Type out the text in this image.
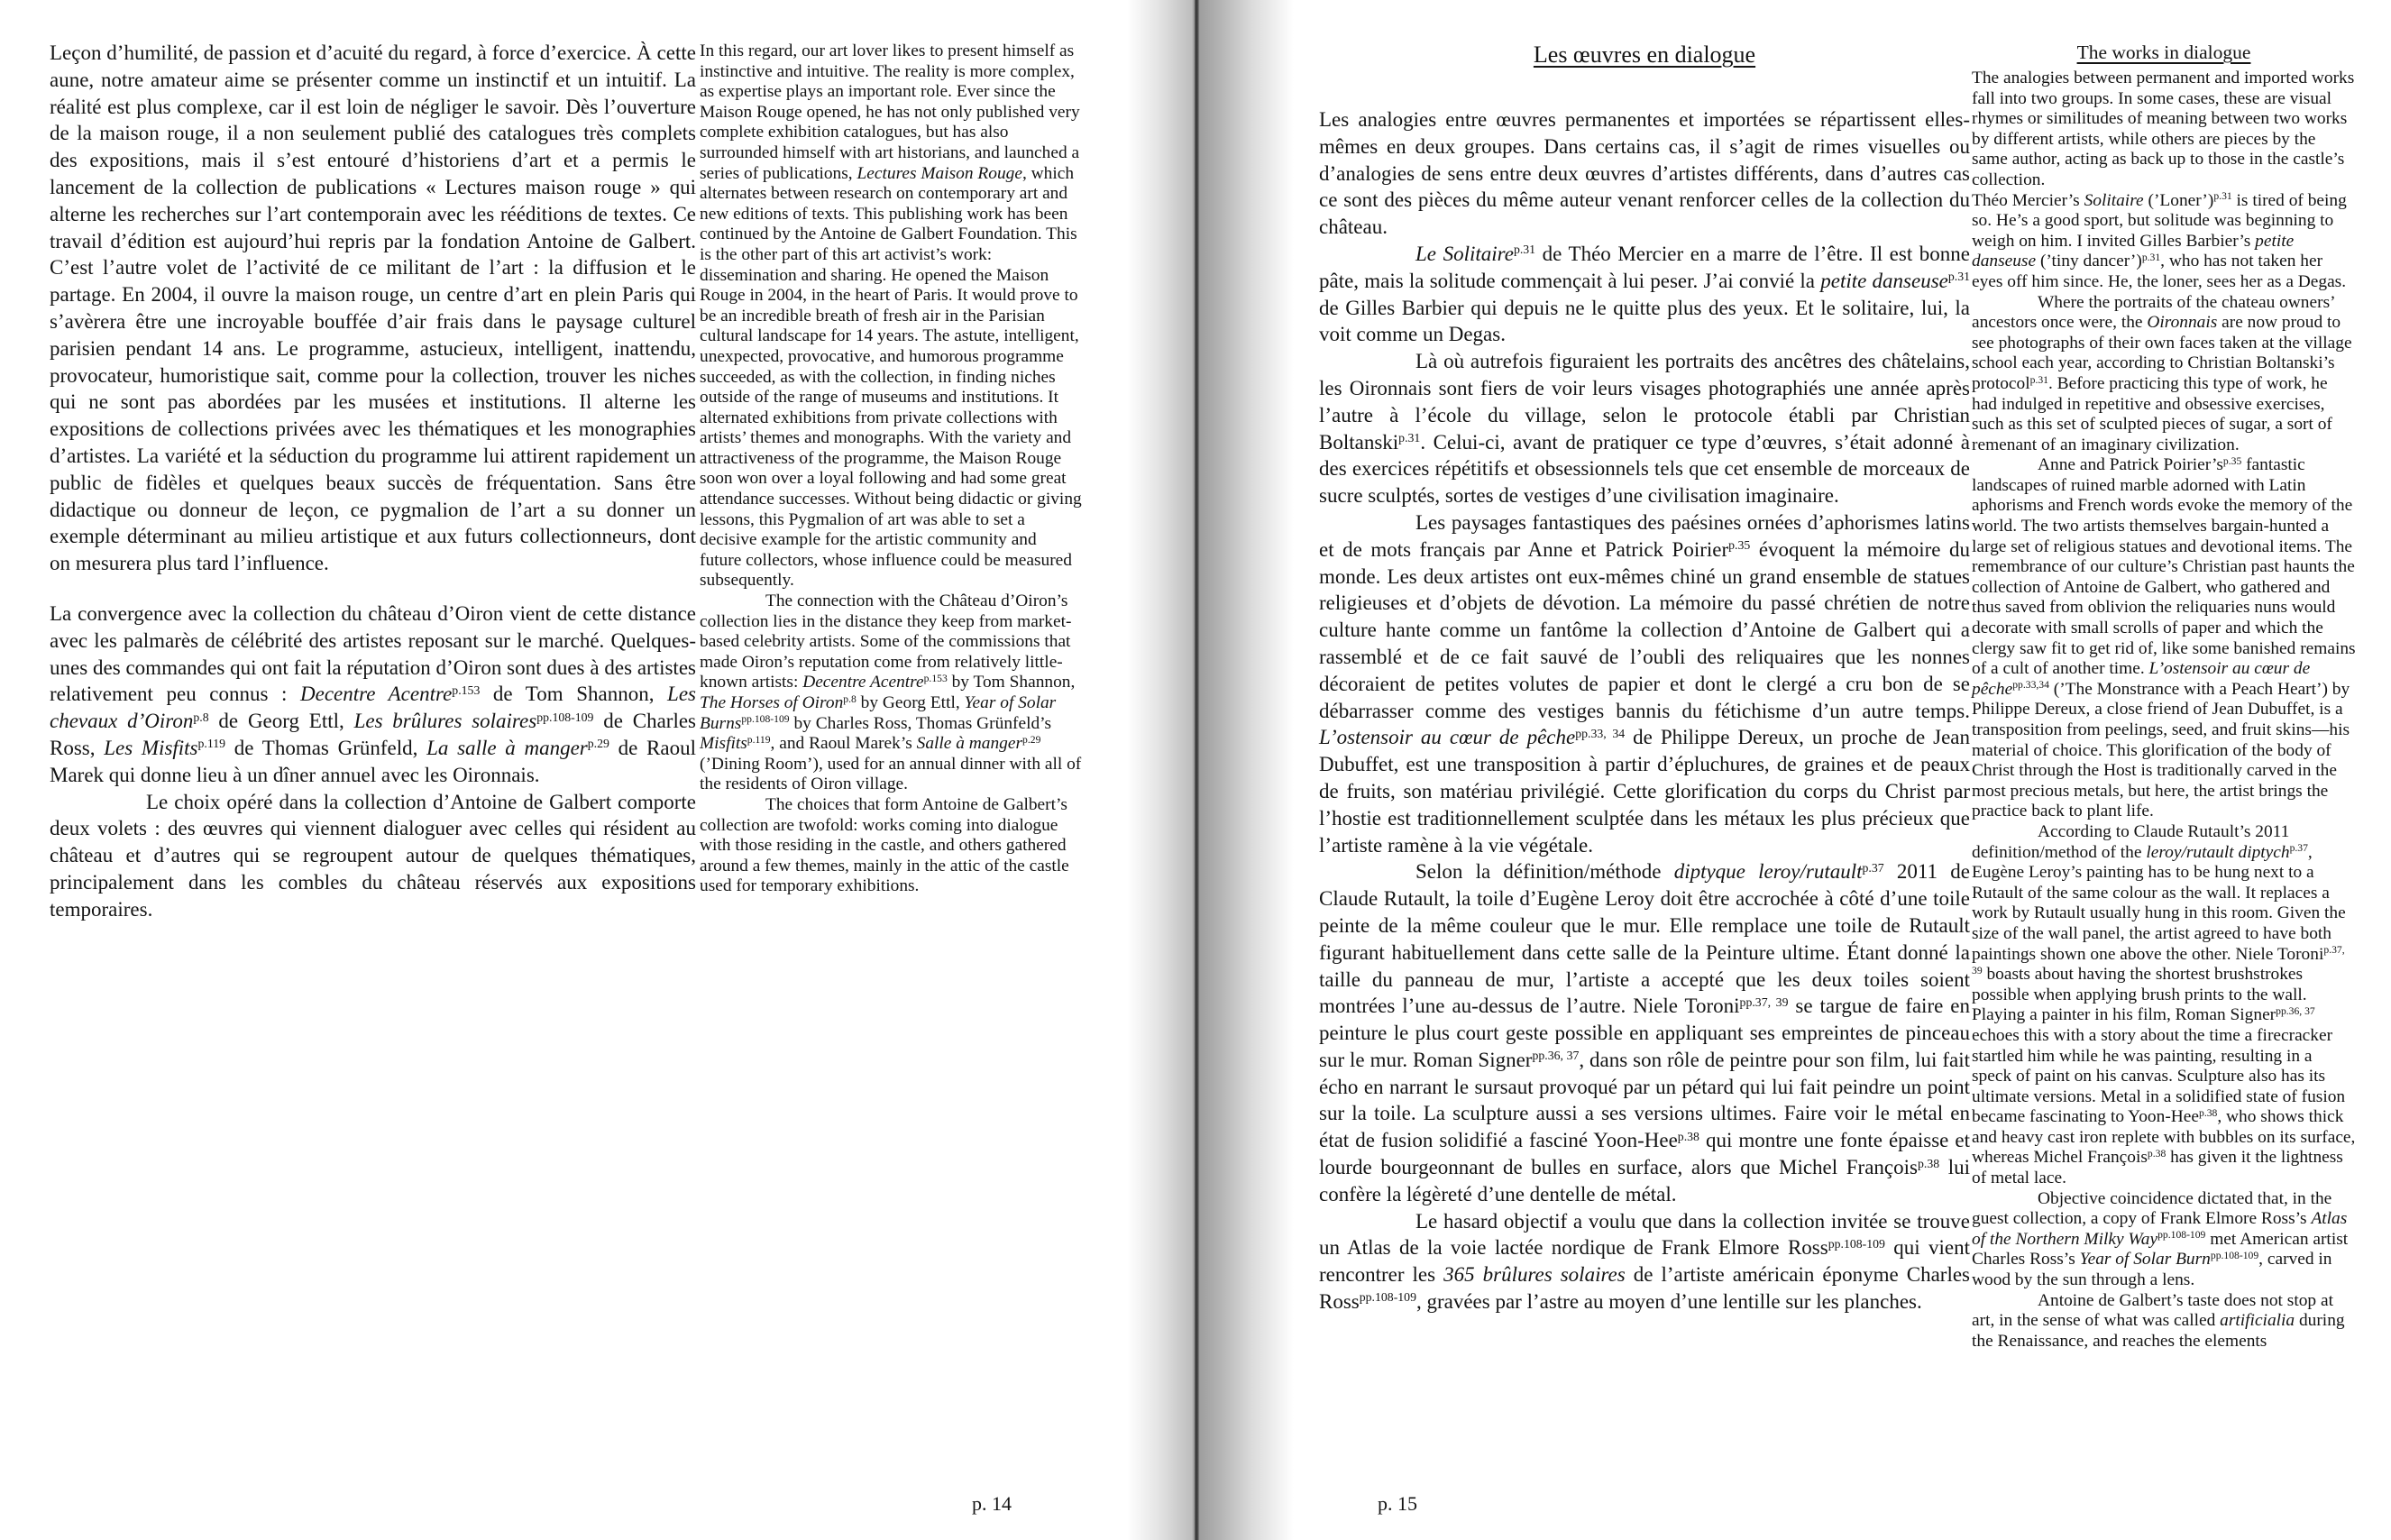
Leçon d’humilité, de passion et d’acuité du regard, à force d’exercice. À cette aune, notre amateur aime se présenter comme un instinctif et un intuitif. La réalité est plus complexe, car il est loin de négliger le savoir. Dès l’ouverture de la maison rouge, il a non seulement publié des catalogues très complets des expositions, mais il s’est entouré d’historiens d’art et a permis le lancement de la collection de publications « Lectures maison rouge » qui alterne les recherches sur l’art contemporain avec les rééditions de textes. Ce travail d’édition est aujourd’hui repris par la fondation Antoine de Galbert. C’est l’autre volet de l’activité de ce militant de l’art : la diffusion et le partage. En 2004, il ouvre la maison rouge, un centre d’art en plein Paris qui s’avèrera être une incroyable bouffée d’air frais dans le paysage culturel parisien pendant 14 ans. Le programme, astucieux, intelligent, inattendu, provocateur, humoristique sait, comme pour la collection, trouver les niches qui ne sont pas abordées par les musées et institutions. Il alterne les expositions de collections privées avec les thématiques et les monographies d’artistes. La variété et la séduction du programme lui attirent rapidement un public de fidèles et quelques beaux succès de fréquentation. Sans être didactique ou donneur de leçon, ce pygmalion de l’art a su donner un exemple déterminant au milieu artistique et aux futurs collectionneurs, dont on mesurera plus tard l’influence.

La convergence avec la collection du château d’Oiron vient de cette distance avec les palmarès de célébrité des artistes reposant sur le marché. Quelques-unes des commandes qui ont fait la réputation d’Oiron sont dues à des artistes relativement peu connus : Decentre Acentre$^{p.153}$ de Tom Shannon, Les chevaux d’Oiron$^{p.8}$ de Georg Ettl, Les brûlures solaires$^{pp.108-109}$ de Charles Ross, Les Misfits$^{p.119}$ de Thomas Grünfeld, La salle à manger$^{p.29}$ de Raoul Marek qui donne lieu à un dîner annuel avec les Oironnais.

Le choix opéré dans la collection d’Antoine de Galbert comporte deux volets : des œuvres qui viennent dialoguer avec celles qui résident au château et d’autres qui se regroupent autour de quelques thématiques, principalement dans les combles du château réservés aux expositions temporaires.

In this regard, our art lover likes to present himself as instinctive and intuitive. The reality is more complex, as expertise plays an important role. Ever since the Maison Rouge opened, he has not only published very complete exhibition catalogues, but has also surrounded himself with art historians, and launched a series of publications, Lectures Maison Rouge, which alternates between research on contemporary art and new editions of texts. This publishing work has been continued by the Antoine de Galbert Foundation. This is the other part of this art activist’s work: dissemination and sharing. He opened the Maison Rouge in 2004, in the heart of Paris. It would prove to be an incredible breath of fresh air in the Parisian cultural landscape for 14 years. The astute, intelligent, unexpected, provocative, and humorous programme succeeded, as with the collection, in finding niches outside of the range of museums and institutions. It alternated exhibitions from private collections with artists’ themes and monographs. With the variety and attractiveness of the programme, the Maison Rouge soon won over a loyal following and had some great attendance successes. Without being didactic or giving lessons, this Pygmalion of art was able to set a decisive example for the artistic community and future collectors, whose influence could be measured subsequently.

The connection with the Château d’Oiron’s collection lies in the distance they keep from market-based celebrity artists. Some of the commissions that made Oiron’s reputation come from relatively little-known artists: Decentre Acentre$^{p.153}$ by Tom Shannon, The Horses of Oiron$^{p.8}$ by Georg Ettl, Year of Solar Burns$^{pp.108-109}$ by Charles Ross, Thomas Grünfeld’s Misfits$^{p.119}$, and Raoul Marek’s Salle à manger$^{p.29}$ (’Dining Room’), used for an annual dinner with all of the residents of Oiron village.

The choices that form Antoine de Galbert’s collection are twofold: works coming into dialogue with those residing in the castle, and others gathered around a few themes, mainly in the attic of the castle used for temporary exhibitions.

p. 14
Les œuvres en dialogue

Les analogies entre œuvres permanentes et importées se répartissent elles-mêmes en deux groupes. Dans certains cas, il s’agit de rimes visuelles ou d’analogies de sens entre deux œuvres d’artistes différents, dans d’autres cas ce sont des pièces du même auteur venant renforcer celles de la collection du château.

Le Solitaire$^{p.31}$ de Théo Mercier en a marre de l’être. Il est bonne pâte, mais la solitude commençait à lui peser. J’ai convié la petite danseuse$^{p.31}$ de Gilles Barbier qui depuis ne le quitte plus des yeux. Et le solitaire, lui, la voit comme un Degas.

Là où autrefois figuraient les portraits des ancêtres des châtelains, les Oironnais sont fiers de voir leurs visages photographiés une année après l’autre à l’école du village, selon le protocole établi par Christian Boltanski$^{p.31}$. Celui-ci, avant de pratiquer ce type d’œuvres, s’était adonné à des exercices répétitifs et obsessionnels tels que cet ensemble de morceaux de sucre sculptés, sortes de vestiges d’une civilisation imaginaire.

Les paysages fantastiques des paésines ornées d’aphorismes latins et de mots français par Anne et Patrick Poirier$^{p.35}$ évoquent la mémoire du monde. Les deux artistes ont eux-mêmes chiné un grand ensemble de statues religieuses et d’objets de dévotion. La mémoire du passé chrétien de notre culture hante comme un fantôme la collection d’Antoine de Galbert qui a rassemblé et de ce fait sauvé de l’oubli des reliquaires que les nonnes décoraient de petites volutes de papier et dont le clergé a cru bon de se débarrasser comme des vestiges bannis du fétichisme d’un autre temps. L’ostensoir au cœur de pêche$^{pp.33, 34}$ de Philippe Dereux, un proche de Jean Dubuffet, est une transposition à partir d’épluchures, de graines et de peaux de fruits, son matériau privilégié. Cette glorification du corps du Christ par l’hostie est traditionnellement sculptée dans les métaux les plus précieux que l’artiste ramène à la vie végétale.

Selon la définition/méthode diptyque leroy/rutault$^{p.37}$ 2011 de Claude Rutault, la toile d’Eugène Leroy doit être accrochée à côté d’une toile peinte de la même couleur que le mur. Elle remplace une toile de Rutault figurant habituellement dans cette salle de la Peinture ultime. Étant donné la taille du panneau de mur, l’artiste a accepté que les deux toiles soient montrées l’une au-dessus de l’autre. Niele Toroni$^{pp.37, 39}$ se targue de faire en peinture le plus court geste possible en appliquant ses empreintes de pinceau sur le mur. Roman Signer$^{pp.36, 37}$, dans son rôle de peintre pour son film, lui fait écho en narrant le sursaut provoqué par un pétard qui lui fait peindre un point sur la toile. La sculpture aussi a ses versions ultimes. Faire voir le métal en état de fusion solidifié a fasciné Yoon-Hee$^{p.38}$ qui montre une fonte épaisse et lourde bourgeonnant de bulles en surface, alors que Michel François$^{p.38}$ lui confère la légèreté d’une dentelle de métal.

Le hasard objectif a voulu que dans la collection invitée se trouve un Atlas de la voie lactée nordique de Frank Elmore Ross$^{pp.108-109}$ qui vient rencontrer les 365 brûlures solaires de l’artiste américain éponyme Charles Ross$^{pp.108-109}$, gravées par l’astre au moyen d’une lentille sur les planches.

The works in dialogue

The analogies between permanent and imported works fall into two groups. In some cases, these are visual rhymes or similitudes of meaning between two works by different artists, while others are pieces by the same author, acting as back up to those in the castle’s collection.

Théo Mercier’s Solitaire (’Loner’)$^{p.31}$ is tired of being so. He’s a good sport, but solitude was beginning to weigh on him. I invited Gilles Barbier’s petite danseuse (’tiny dancer’)$^{p.31}$, who has not taken her eyes off him since. He, the loner, sees her as a Degas.

Where the portraits of the chateau owners’ ancestors once were, the Oironnais are now proud to see photographs of their own faces taken at the village school each year, according to Christian Boltanski’s protocol$^{p.31}$. Before practicing this type of work, he had indulged in repetitive and obsessive exercises, such as this set of sculpted pieces of sugar, a sort of remenant of an imaginary civilization.

Anne and Patrick $Poirier’s^{p.35}$ fantastic landscapes of ruined marble adorned with Latin aphorisms and French words evoke the memory of the world. The two artists themselves bargain-hunted a large set of religious statues and devotional items. The remembrance of our culture’s Christian past haunts the collection of Antoine de Galbert, who gathered and thus saved from oblivion the reliquaries nuns would decorate with small scrolls of paper and which the clergy saw fit to get rid of, like some banished remains of a cult of another time. L’ostensoir au cœur de pêche$^{pp.33,34}$ (’The Monstrance with a Peach Heart’) by Philippe Dereux, a close friend of Jean Dubuffet, is a transposition from peelings, seed, and fruit skins—his material of choice. This glorification of the body of Christ through the Host is traditionally carved in the most precious metals, but here, the artist brings the practice back to plant life.

According to Claude Rutault’s 2011 definition/method of the leroy/rutault diptych$^{p.37}$, Eugène Leroy’s painting has to be hung next to a Rutault of the same colour as the wall. It replaces a work by Rutault usually hung in this room. Given the size of the wall panel, the artist agreed to have both paintings shown one above the other. Niele Toroni$^{p.37, 39}$ boasts about having the shortest brushstrokes possible when applying brush prints to the wall. Playing a painter in his film, Roman Signer$^{pp.36, 37}$ echoes this with a story about the time a firecracker startled him while he was painting, resulting in a speck of paint on his canvas. Sculpture also has its ultimate versions. Metal in a solidified state of fusion became fascinating to Yoon-Hee$^{p.38}$, who shows thick and heavy cast iron replete with bubbles on its surface, whereas Michel François$^{p.38}$ has given it the lightness of metal lace.

Objective coincidence dictated that, in the guest collection, a copy of Frank Elmore Ross’s Atlas of the Northern Milky Way$^{pp.108-109}$ met American artist Charles Ross’s Year of Solar Burn$^{pp.108-109}$, carved in wood by the sun through a lens.

Antoine de Galbert’s taste does not stop at art, in the sense of what was called artificialia during the Renaissance, and reaches the elements

p. 15
